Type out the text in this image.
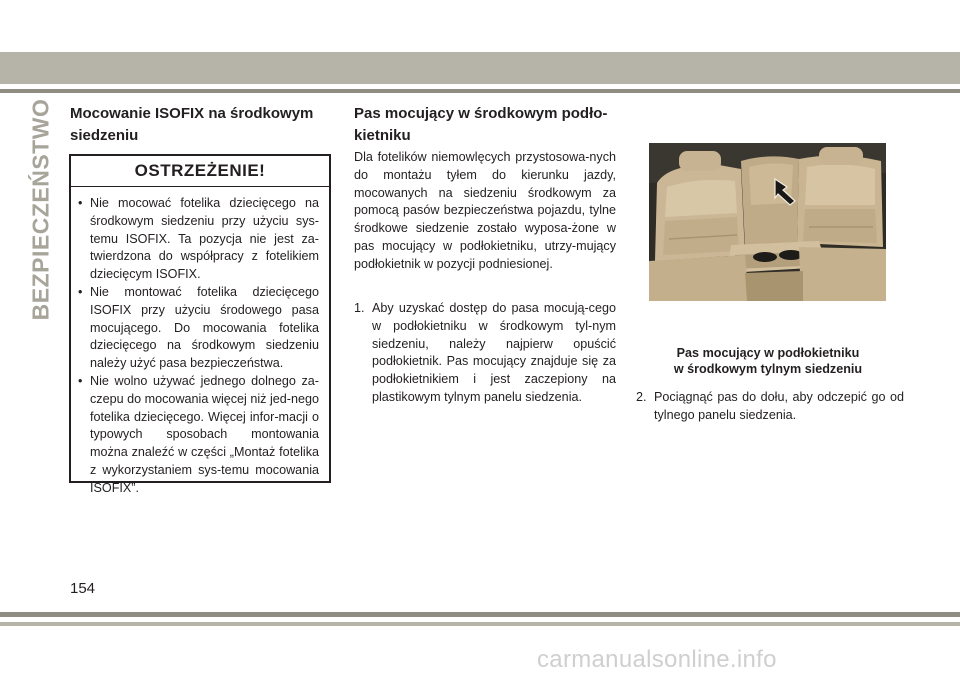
BEZPIECZEŃSTWO Mocowanie ISOFIX na środkowym siedzeniu
OSTRZEŻENIE!
• Nie mocować fotelika dziecięcego na środkowym siedzeniu przy użyciu sys-temu ISOFIX. Ta pozycja nie jest za-twierdzona do współpracy z fotelikiem dziecięcym ISOFIX.
• Nie montować fotelika dziecięcego ISOFIX przy użyciu środowego pasa mocującego. Do mocowania fotelika dziecięcego na środkowym siedzeniu należy użyć pasa bezpieczeństwa.
• Nie wolno używać jednego dolnego za-czepu do mocowania więcej niż jed-nego fotelika dziecięcego. Więcej infor-macji o typowych sposobach montowania można znaleźć w części „Montaż fotelika z wykorzystaniem sys-temu mocowania ISOFIX”.
Pas mocujący w środkowym podło-kietniku

Dla fotelików niemowlęcych przystosowa-nych do montażu tyłem do kierunku jazdy, mocowanych na siedzeniu środkowym za pomocą pasów bezpieczeństwa pojazdu, tylne środkowe siedzenie zostało wyposa-żone w pas mocujący w podłokietniku, utrzy-mujący podłokietnik w pozycji podniesionej.

1. Aby uzyskać dostęp do pasa mocują-cego w podłokietniku w środkowym tyl-nym siedzeniu, należy najpierw opuścić podłokietnik. Pas mocujący znajduje się za podłokietnikiem i jest zaczepiony na plastikowym tylnym panelu siedzenia.
Pas mocujący w podłokietniku
w środkowym tylnym siedzeniu
2. Pociągnąć pas do dołu, aby odczepić go od tylnego panelu siedzenia.
154
carmanualsonline.info
